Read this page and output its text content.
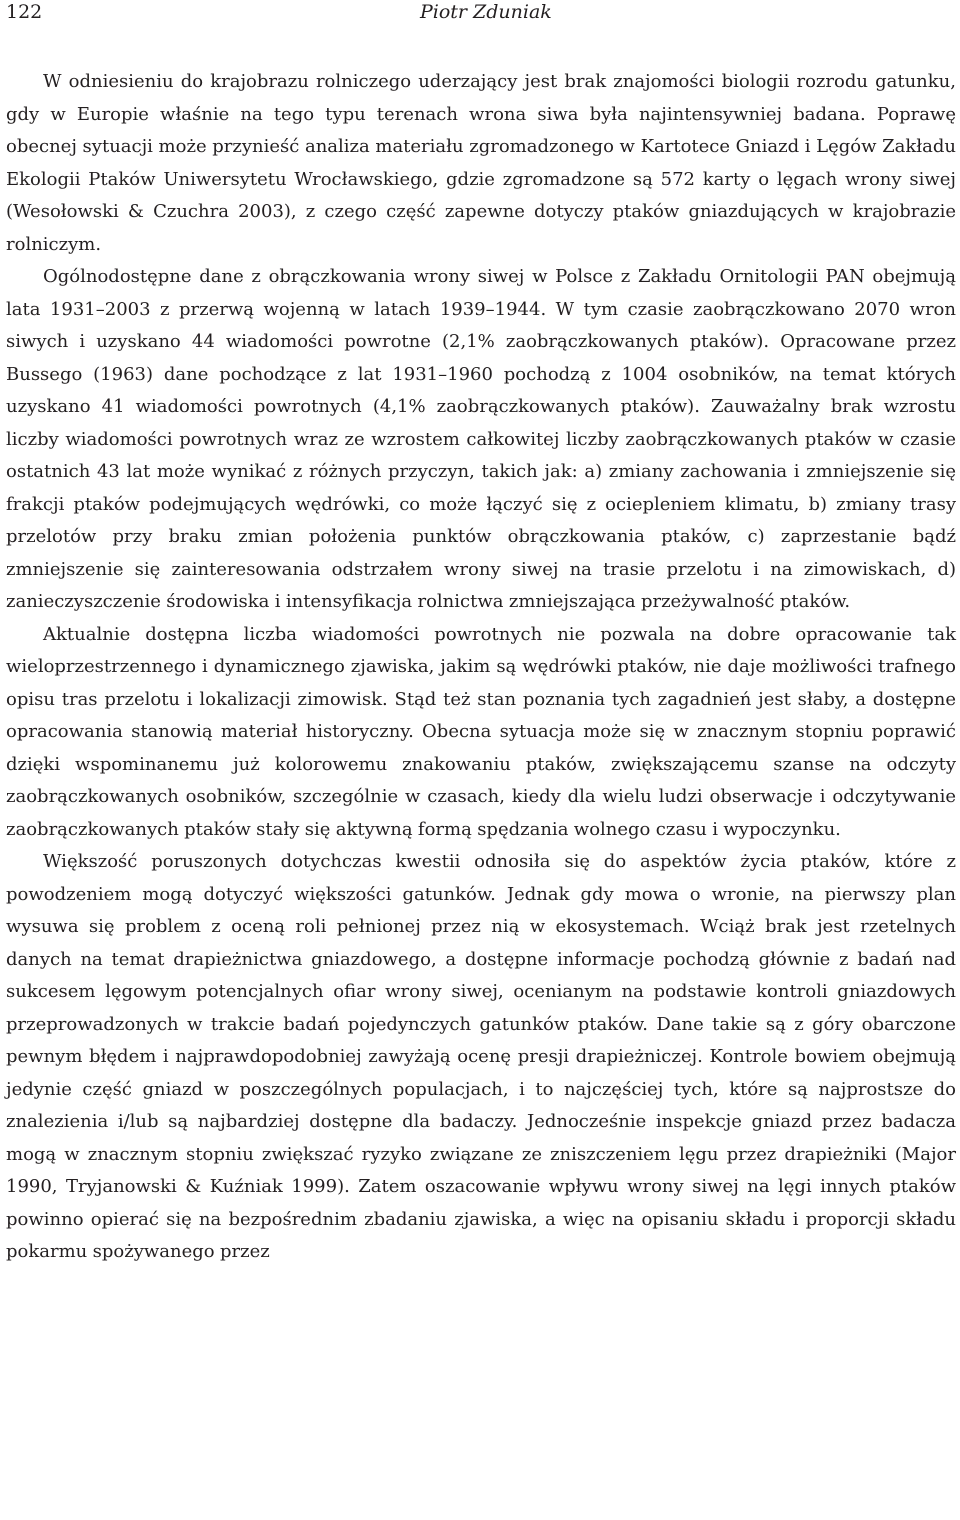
122	Piotr Zduniak

W odniesieniu do krajobrazu rolniczego uderzający jest brak znajomości biologii rozrodu gatunku, gdy w Europie właśnie na tego typu terenach wrona siwa była najintensywniej badana. Poprawę obecnej sytuacji może przynieść analiza materiału zgromadzonego w Kartotece Gniazd i Lęgów Zakładu Ekologii Ptaków Uniwersytetu Wrocławskiego, gdzie zgromadzone są 572 karty o lęgach wrony siwej (Wesołowski & Czuchra 2003), z czego część zapewne dotyczy ptaków gniazdujących w krajobrazie rolniczym.

Ogólnodostępne dane z obrączkowania wrony siwej w Polsce z Zakładu Ornitologii PAN obejmują lata 1931–2003 z przerwą wojenną w latach 1939–1944. W tym czasie zaobrączkowano 2070 wron siwych i uzyskano 44 wiadomości powrotne (2,1% zaobrączkowanych ptaków). Opracowane przez Bussego (1963) dane pochodzące z lat 1931–1960 pochodzą z 1004 osobników, na temat których uzyskano 41 wiadomości powrotnych (4,1% zaobrączkowanych ptaków). Zauważalny brak wzrostu liczby wiadomości powrotnych wraz ze wzrostem całkowitej liczby zaobrączkowanych ptaków w czasie ostatnich 43 lat może wynikać z różnych przyczyn, takich jak: a) zmiany zachowania i zmniejszenie się frakcji ptaków podejmujących wędrówki, co może łączyć się z ociepleniem klimatu, b) zmiany trasy przelotów przy braku zmian położenia punktów obrączkowania ptaków, c) zaprzestanie bądź zmniejszenie się zainteresowania odstrzałem wrony siwej na trasie przelotu i na zimowiskach, d) zanieczyszczenie środowiska i intensyfikacja rolnictwa zmniejszająca przeżywalność ptaków.

Aktualnie dostępna liczba wiadomości powrotnych nie pozwala na dobre opracowanie tak wieloprzestrzennego i dynamicznego zjawiska, jakim są wędrówki ptaków, nie daje możliwości trafnego opisu tras przelotu i lokalizacji zimowisk. Stąd też stan poznania tych zagadnień jest słaby, a dostępne opracowania stanowią materiał historyczny. Obecna sytuacja może się w znacznym stopniu poprawić dzięki wspominanemu już kolorowemu znakowaniu ptaków, zwiększającemu szanse na odczyty zaobrączkowanych osobników, szczególnie w czasach, kiedy dla wielu ludzi obserwacje i odczytywanie zaobrączkowanych ptaków stały się aktywną formą spędzania wolnego czasu i wypoczynku.

Większość poruszonych dotychczas kwestii odnosiła się do aspektów życia ptaków, które z powodzeniem mogą dotyczyć większości gatunków. Jednak gdy mowa o wronie, na pierwszy plan wysuwa się problem z oceną roli pełnionej przez nią w ekosystemach. Wciąż brak jest rzetelnych danych na temat drapieżnictwa gniazdowego, a dostępne informacje pochodzą głównie z badań nad sukcesem lęgowym potencjalnych ofiar wrony siwej, ocenianym na podstawie kontroli gniazdowych przeprowadzonych w trakcie badań pojedynczych gatunków ptaków. Dane takie są z góry obarczone pewnym błędem i najprawdopodobniej zawyżają ocenę presji drapieżniczej. Kontrole bowiem obejmują jedynie część gniazd w poszczególnych populacjach, i to najczęściej tych, które są najprostsze do znalezienia i/lub są najbardziej dostępne dla badaczy. Jednocześnie inspekcje gniazd przez badacza mogą w znacznym stopniu zwiększać ryzyko związane ze zniszczeniem lęgu przez drapieżniki (Major 1990, Tryjanowski & Kuźniak 1999). Zatem oszacowanie wpływu wrony siwej na lęgi innych ptaków powinno opierać się na bezpośrednim zbadaniu zjawiska, a więc na opisaniu składu i proporcji składu pokarmu spożywanego przez
